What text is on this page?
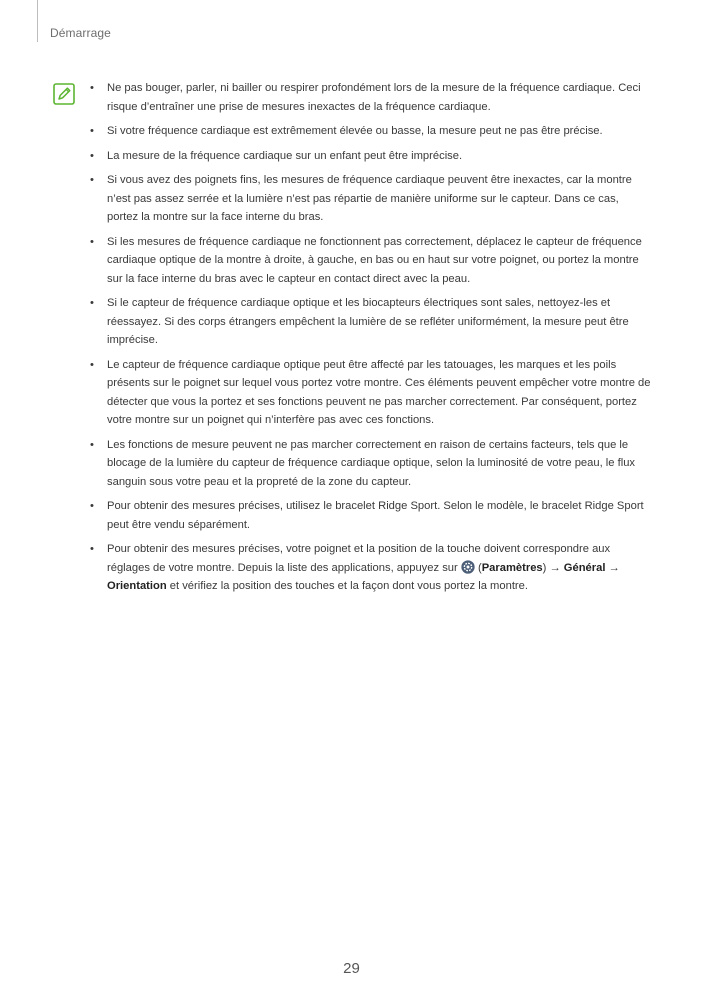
Démarrage
• Ne pas bouger, parler, ni bailler ou respirer profondément lors de la mesure de la fréquence cardiaque. Ceci risque d’entraîner une prise de mesures inexactes de la fréquence cardiaque.
• Si votre fréquence cardiaque est extrêmement élevée ou basse, la mesure peut ne pas être précise.
• La mesure de la fréquence cardiaque sur un enfant peut être imprécise.
• Si vous avez des poignets fins, les mesures de fréquence cardiaque peuvent être inexactes, car la montre n’est pas assez serrée et la lumière n’est pas répartie de manière uniforme sur le capteur. Dans ce cas, portez la montre sur la face interne du bras.
• Si les mesures de fréquence cardiaque ne fonctionnent pas correctement, déplacez le capteur de fréquence cardiaque optique de la montre à droite, à gauche, en bas ou en haut sur votre poignet, ou portez la montre sur la face interne du bras avec le capteur en contact direct avec la peau.
• Si le capteur de fréquence cardiaque optique et les biocapteurs électriques sont sales, nettoyez-les et réessayez. Si des corps étrangers empêchent la lumière de se refléter uniformément, la mesure peut être imprécise.
• Le capteur de fréquence cardiaque optique peut être affecté par les tatouages, les marques et les poils présents sur le poignet sur lequel vous portez votre montre. Ces éléments peuvent empêcher votre montre de détecter que vous la portez et ses fonctions peuvent ne pas marcher correctement. Par conséquent, portez votre montre sur un poignet qui n’interfère pas avec ces fonctions.
• Les fonctions de mesure peuvent ne pas marcher correctement en raison de certains facteurs, tels que le blocage de la lumière du capteur de fréquence cardiaque optique, selon la luminosité de votre peau, le flux sanguin sous votre peau et la propreté de la zone du capteur.
• Pour obtenir des mesures précises, utilisez le bracelet Ridge Sport. Selon le modèle, le bracelet Ridge Sport peut être vendu séparément.
• Pour obtenir des mesures précises, votre poignet et la position de la touche doivent correspondre aux réglages de votre montre. Depuis la liste des applications, appuyez sur  (Paramètres) → Général → Orientation et vérifiez la position des touches et la façon dont vous portez la montre.
29
